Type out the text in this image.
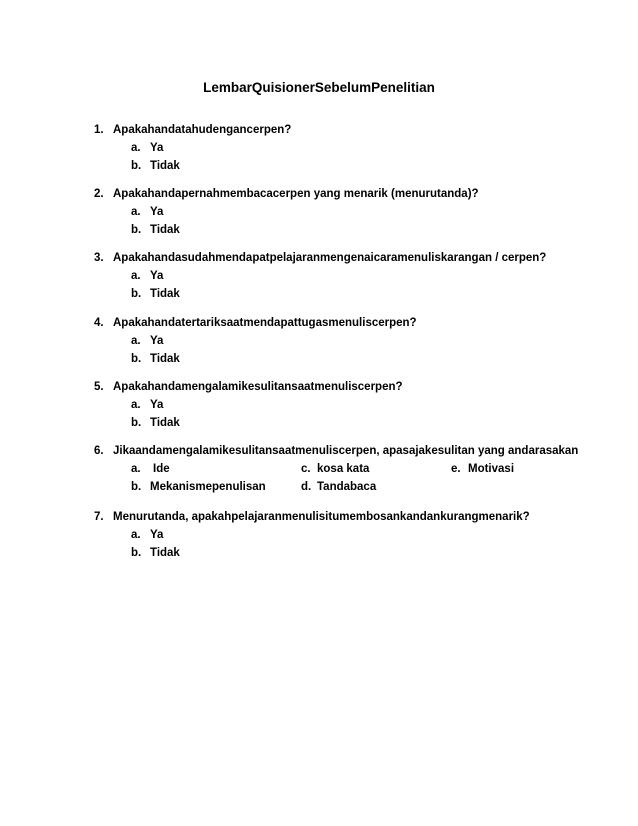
LembarQuisionerSebelumPenelitian
1. Apakahandatahudengancerpen?
a. Ya
b. Tidak
2. Apakahandapernahmembacacerpen yang menarik (menurutanda)?
a. Ya
b. Tidak
3. Apakahandasudahmendapatpelajaranmengenaicaramenuliskarangan / cerpen?
a. Ya
b. Tidak
4. Apakahandatertariksaatmendapattugasmenuliscerpen?
a. Ya
b. Tidak
5. Apakahandamengalamikesulitansaatmenuliscerpen?
a. Ya
b. Tidak
6. Jikaandamengalamikesulitansaatmenuliscerpen, apasajakesulitan yang andarasakan
a. Ide	c. kosa kata	e. Motivasi
b. Mekanismepenulisan	d. Tandabaca
7. Menurutanda, apakahpelajaranmenulisitumembosankandankurangmenarik?
a. Ya
b. Tidak
